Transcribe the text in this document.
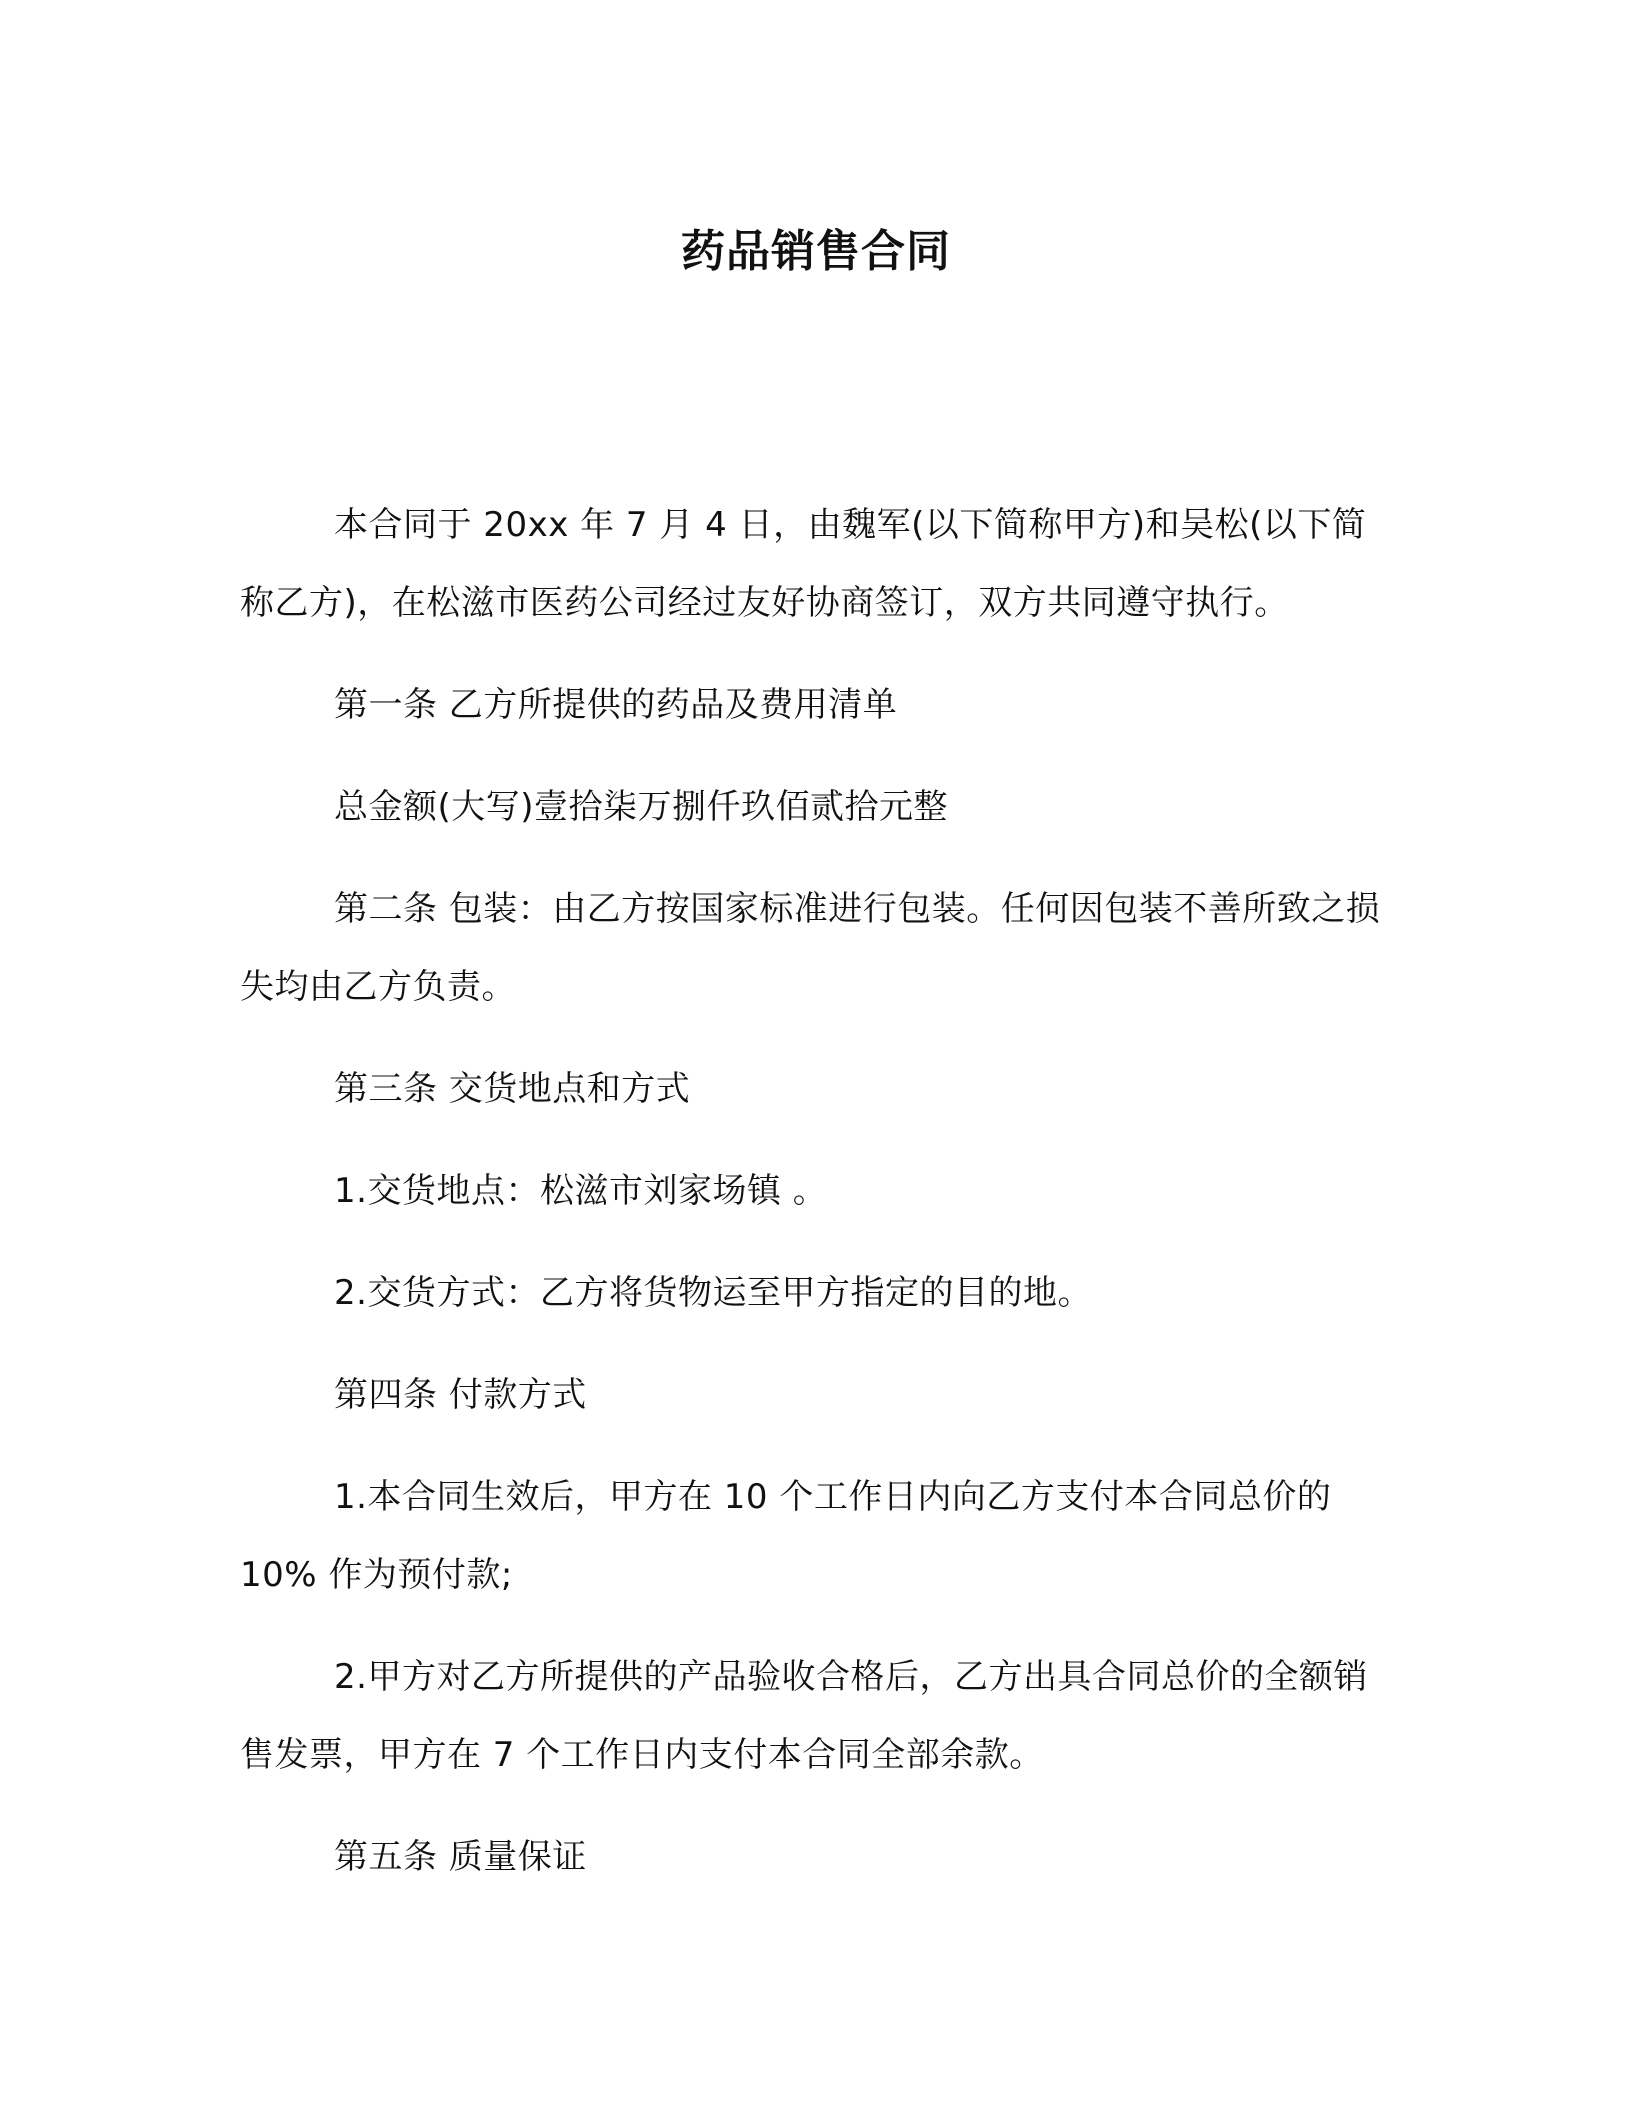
药品销售合同

本合同于 20xx 年 7 月 4 日，由魏军(以下简称甲方)和吴松(以下简称乙方)，在松滋市医药公司经过友好协商签订，双方共同遵守执行。

第一条 乙方所提供的药品及费用清单

总金额(大写)壹拾柒万捌仟玖佰贰拾元整

第二条 包装：由乙方按国家标准进行包装。任何因包装不善所致之损失均由乙方负责。

第三条 交货地点和方式

1.交货地点：松滋市刘家场镇 。

2.交货方式：乙方将货物运至甲方指定的目的地。

第四条 付款方式

1.本合同生效后，甲方在 10 个工作日内向乙方支付本合同总价的 10% 作为预付款;

2.甲方对乙方所提供的产品验收合格后，乙方出具合同总价的全额销售发票，甲方在 7 个工作日内支付本合同全部余款。

第五条 质量保证
